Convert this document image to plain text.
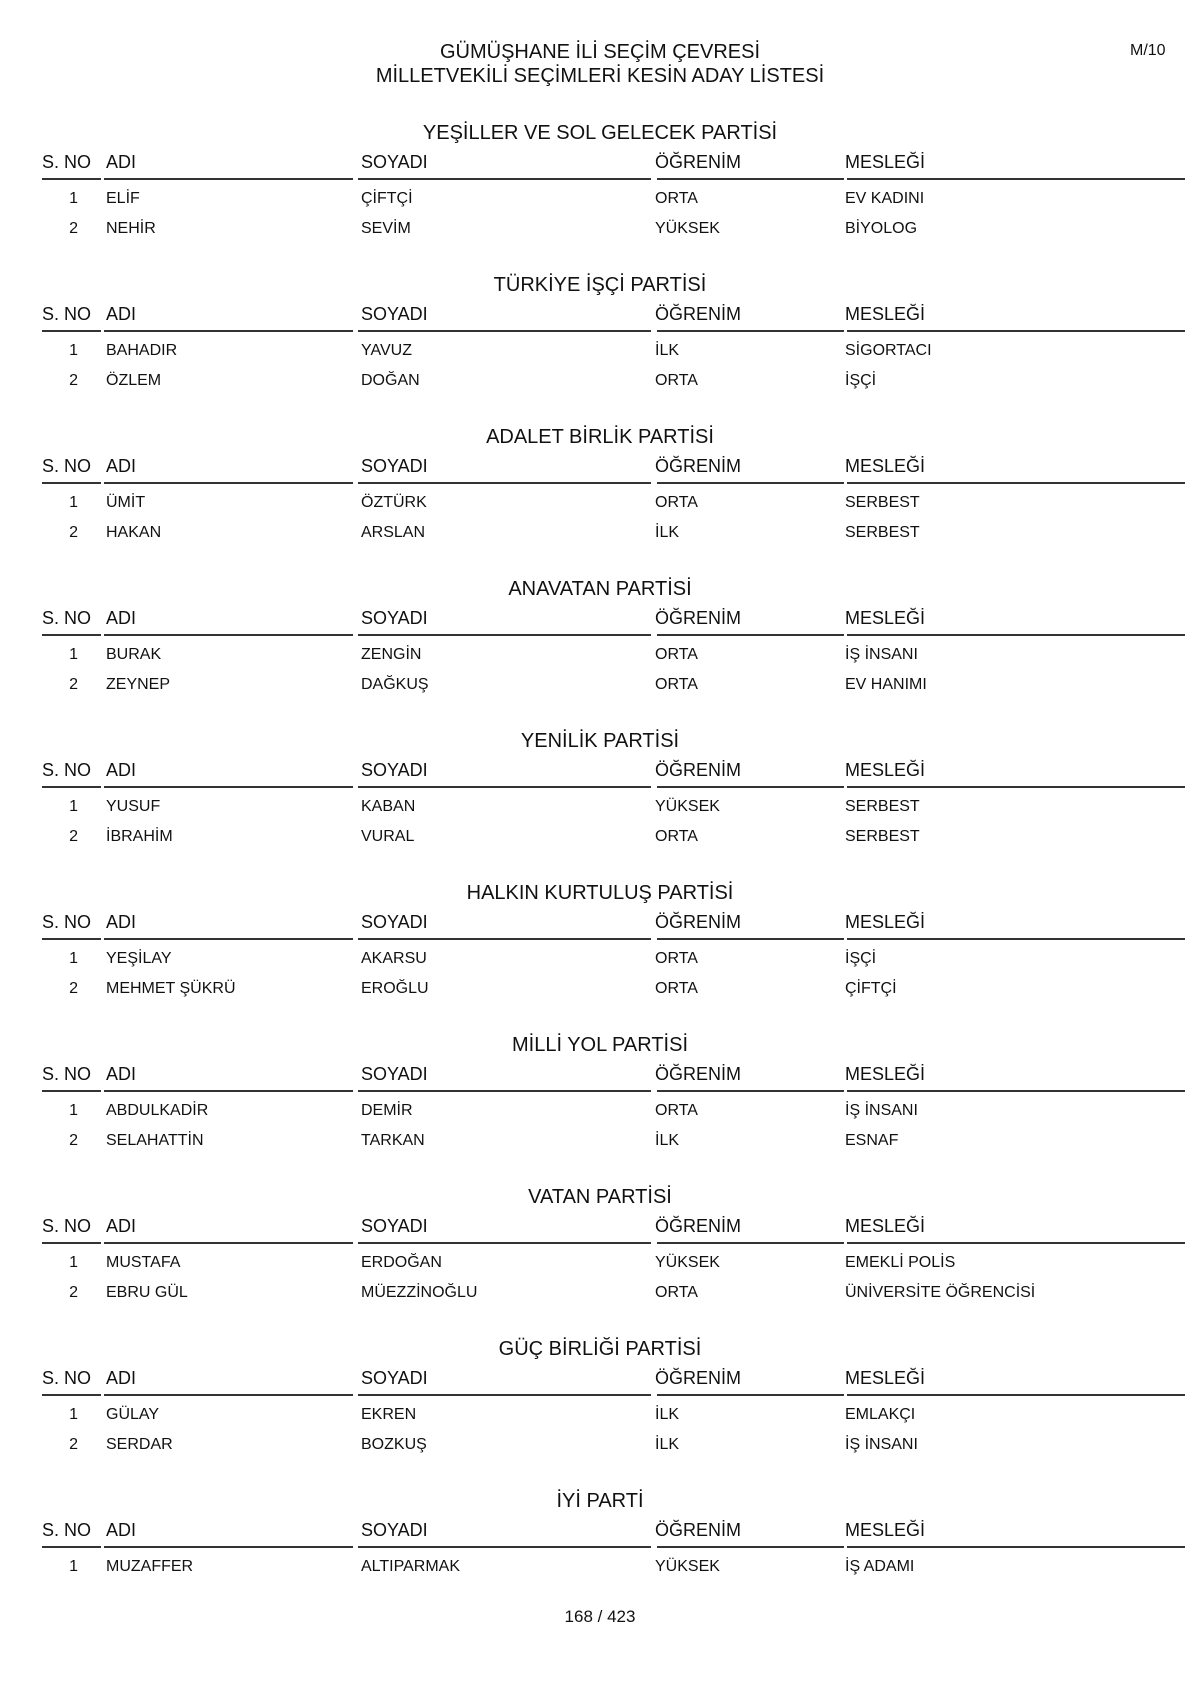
M/10
GÜMÜŞHANE İLİ SEÇİM ÇEVRESİ
MİLLETVEKİLİ SEÇİMLERİ KESİN ADAY LİSTESİ
YEŞİLLER VE SOL GELECEK PARTİSİ
S. NO ADI	SOYADI	ÖĞRENİM	MESLEĞİ
1 ELİF	ÇİFTÇİ	ORTA	EV KADINI
2 NEHİR	SEVİM	YÜKSEK	BİYOLOG
TÜRKİYE İŞÇİ PARTİSİ
S. NO ADI	SOYADI	ÖĞRENİM	MESLEĞİ
1 BAHADIR	YAVUZ	İLK	SİGORTACI
2 ÖZLEM	DOĞAN	ORTA	İŞÇİ
ADALET BİRLİK PARTİSİ
S. NO ADI	SOYADI	ÖĞRENİM	MESLEĞİ
1 ÜMİT	ÖZTÜRK	ORTA	SERBEST
2 HAKAN	ARSLAN	İLK	SERBEST
ANAVATAN PARTİSİ
S. NO ADI	SOYADI	ÖĞRENİM	MESLEĞİ
1 BURAK	ZENGİN	ORTA	İŞ İNSANI
2 ZEYNEP	DAĞKUŞ	ORTA	EV HANIMI
YENİLİK PARTİSİ
S. NO ADI	SOYADI	ÖĞRENİM	MESLEĞİ
1 YUSUF	KABAN	YÜKSEK	SERBEST
2 İBRAHİM	VURAL	ORTA	SERBEST
HALKIN KURTULUŞ PARTİSİ
S. NO ADI	SOYADI	ÖĞRENİM	MESLEĞİ
1 YEŞİLAY	AKARSU	ORTA	İŞÇİ
2 MEHMET ŞÜKRÜ	EROĞLU	ORTA	ÇİFTÇİ
MİLLİ YOL PARTİSİ
S. NO ADI	SOYADI	ÖĞRENİM	MESLEĞİ
1 ABDULKADİR	DEMİR	ORTA	İŞ İNSANI
2 SELAHATTİN	TARKAN	İLK	ESNAF
VATAN PARTİSİ
S. NO ADI	SOYADI	ÖĞRENİM	MESLEĞİ
1 MUSTAFA	ERDOĞAN	YÜKSEK	EMEKLİ POLİS
2 EBRU GÜL	MÜEZZİNOĞLU	ORTA	ÜNİVERSİTE ÖĞRENCİSİ
GÜÇ BİRLİĞİ PARTİSİ
S. NO ADI	SOYADI	ÖĞRENİM	MESLEĞİ
1 GÜLAY	EKREN	İLK	EMLAKÇI
2 SERDAR	BOZKUŞ	İLK	İŞ İNSANI
İYİ PARTİ
S. NO ADI	SOYADI	ÖĞRENİM	MESLEĞİ
1 MUZAFFER	ALTIPARMAK	YÜKSEK	İŞ ADAMI
168 / 423
